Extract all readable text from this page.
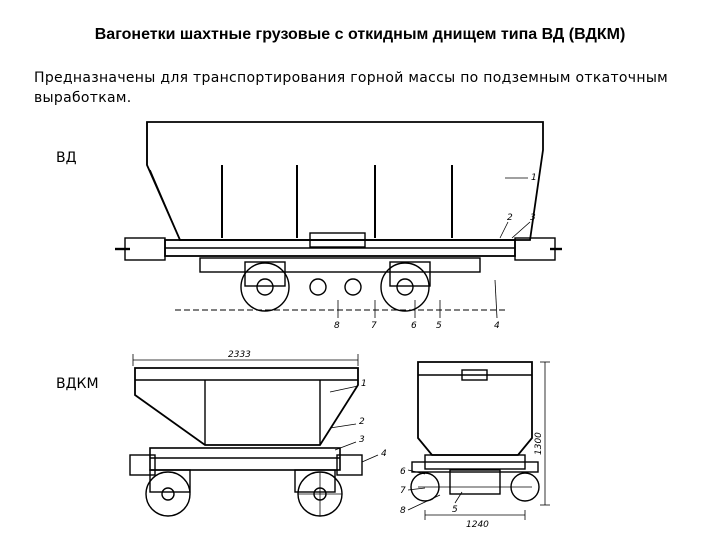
Вагонетки шахтные грузовые с откидным днищем типа ВД (ВДКМ)
Предназначены для транспортирования горной массы по подземным откаточным выработкам.
ВД
ВДКМ
1
2 3
8	7	6 5	4
2333
1
2
3
4	1300
1240
6
7
8	5
